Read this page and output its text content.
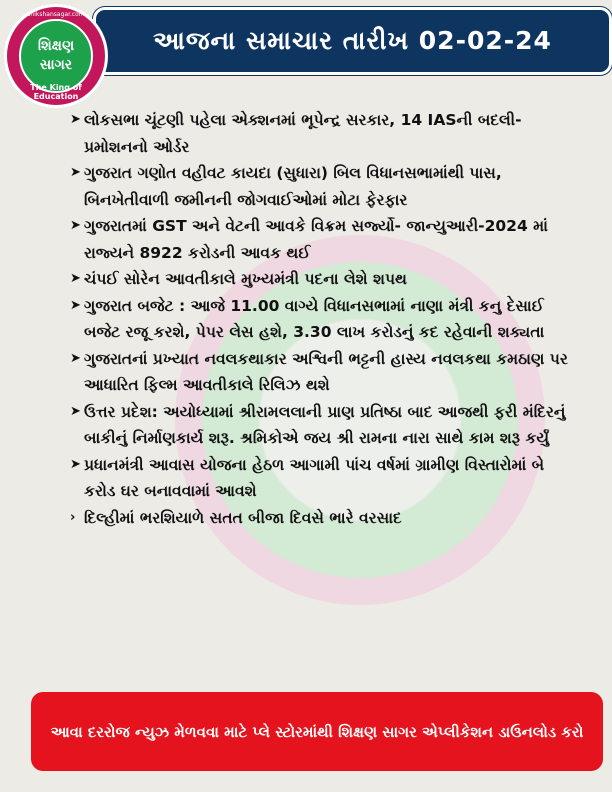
આજના સમાચાર તારીખ 02-02-24
shikshansagar.com
શિક્ષણ
સાગર
The King of Education
➤ લોકસભા ચૂંટણી પહેલા એક્શનમાં ભૂપેન્દ્ર સરકાર, 14 IASની બદલી-પ્રમોશનનો ઓર્ડર
➤ ગુજરાત ગણોત વહીવટ કાયદા (સુધારા) બિલ વિધાનસભામાંથી પાસ, બિનખેતીવાળી જમીનની જોગવાઈઓમાં મોટા ફેરફાર
➤ ગુજરાતમાં GST અને વેટની આવકે વિક્રમ સર્જ્યો- જાન્યુઆરી-2024 માં રાજ્યને 8922 કરોડની આવક થઈ
➤ ચંપઈ સોરેન આવતીકાલે મુખ્યમંત્રી પદના લેશે શપથ
➤ ગુજરાત બજેટ : આજે 11.00 વાગ્યે વિધાનસભામાં નાણા મંત્રી કનુ દેસાઈ બજેટ રજૂ કરશે, પેપર લેસ હશે, 3.30 લાખ કરોડનું કદ રહેવાની શક્યતા
➤ ગુજરાતનાં પ્રખ્યાત નવલકથાકાર અશ્વિની ભટ્ટની હાસ્ય નવલકથા કમઠાણ પર આધારિત ફિલ્મ આવતીકાલે રિલિઝ થશે
➤ ઉત્તર પ્રદેશ: અયોધ્યામાં શ્રીરામલલાની પ્રાણ પ્રતિષ્ઠા બાદ આજથી ફરી મંદિરનું બાકીનું નિર્માણકાર્ય શરૂ. શ્રમિકોએ જય શ્રી રામના નારા સાથે કામ શરૂ કર્યું
➤ પ્રધાનમંત્રી આવાસ યોજના હેઠળ આગામી પાંચ વર્ષમાં ગ્રામીણ વિસ્તારોમાં બે કરોડ ઘર બનાવવામાં આવશે
› દિલ્હીમાં ભરશિયાળે સતત બીજા દિવસે ભારે વરસાદ
આવા દરરોજ ન્યુઝ મેળવવા માટે પ્લે સ્ટોરમાંથી શિક્ષણ સાગર એપ્લીકેશન ડાઉનલોડ કરો
